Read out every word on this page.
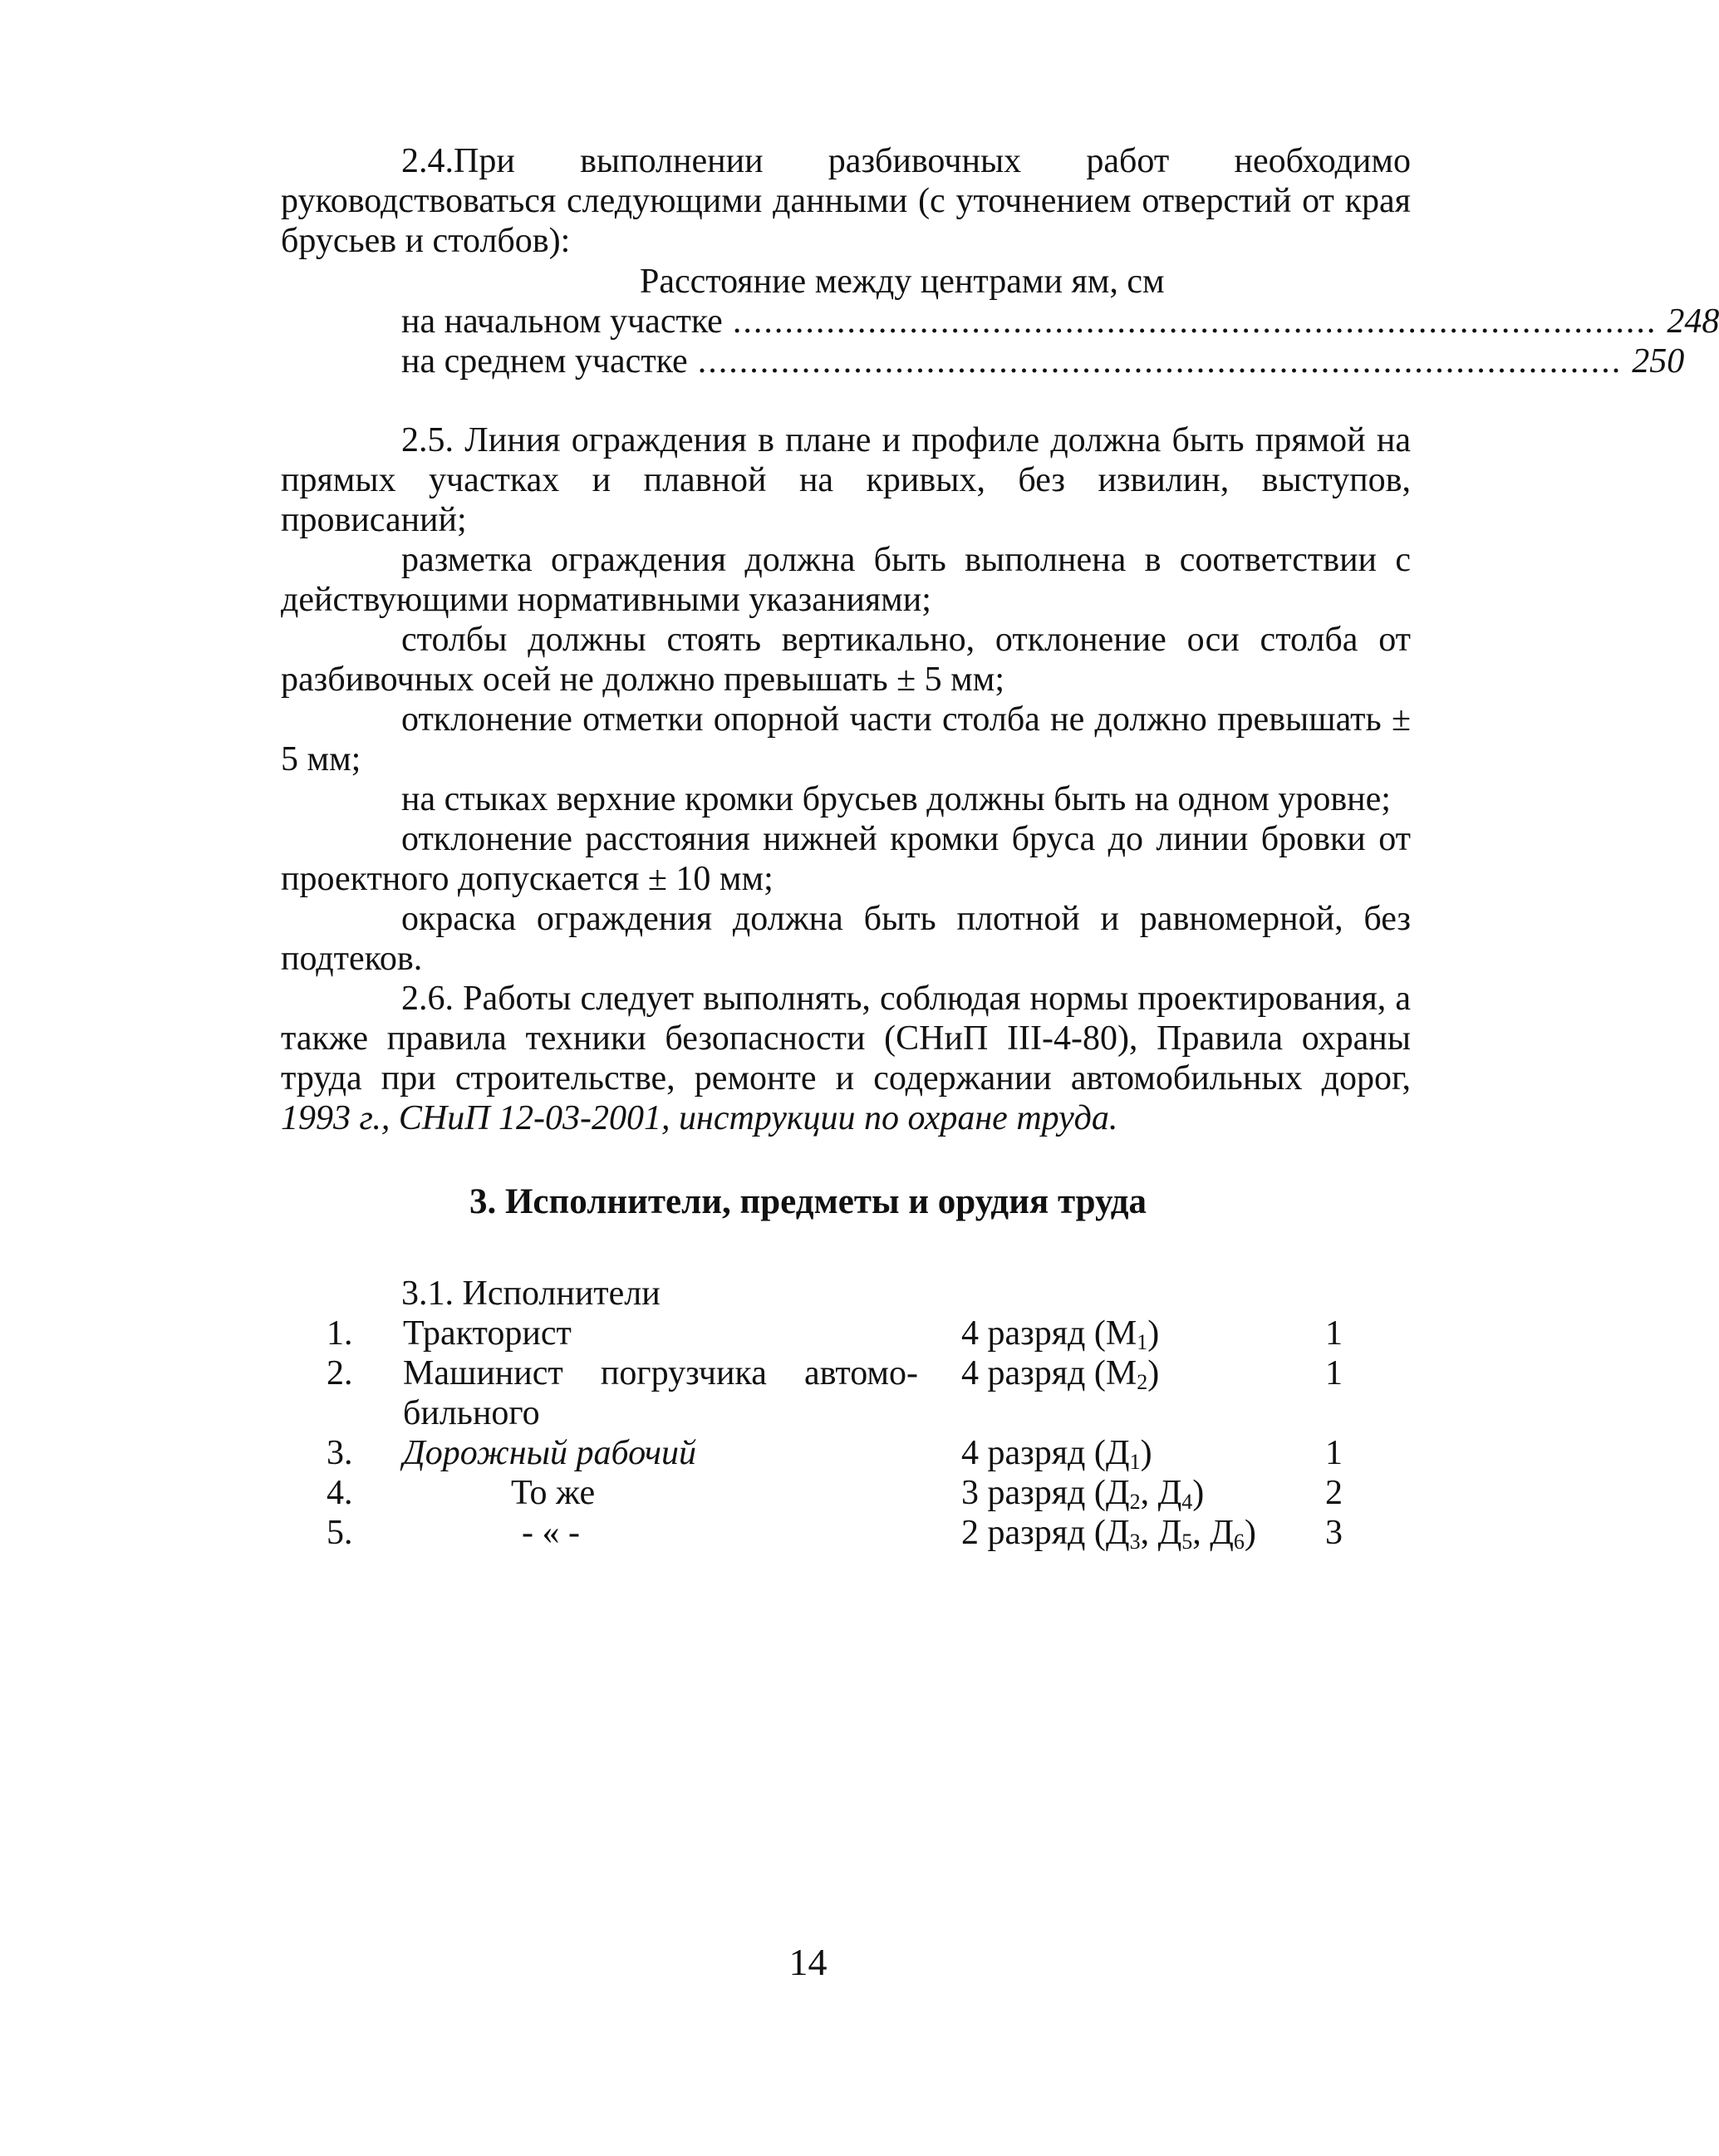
2.4.При выполнении разбивочных работ необходимо руководствоваться следующими данными (с уточнением отверстий от края брусьев и столбов):

Расстояние между центрами ям, см
на начальном участке ......................................................................................... 248
на среднем участке ......................................................................................... 250

2.5. Линия ограждения в плане и профиле должна быть прямой на прямых участках и плавной на кривых, без извилин, выступов, провисаний;

разметка ограждения должна быть выполнена в соответствии с действующими нормативными указаниями;

столбы должны стоять вертикально, отклонение оси столба от разбивочных осей не должно превышать ± 5 мм;

отклонение отметки опорной части столба не должно превышать ± 5 мм;

на стыках верхние кромки брусьев должны быть на одном уровне;

отклонение расстояния нижней кромки бруса до линии бровки от проектного допускается ± 10 мм;

окраска ограждения должна быть плотной и равномерной, без подтеков.

2.6. Работы следует выполнять, соблюдая нормы проектирования, а также правила техники безопасности (СНиП III-4-80), Правила охраны труда при строительстве, ремонте и содержании автомобильных дорог, 1993 г., СНиП 12-03-2001, инструкции по охране труда.

3. Исполнители, предметы и орудия труда
3.1. Исполнители
1. Тракторист	4 разряд $(М_1)$	1
2. Машинист погрузчика автомо- 4 разряд $(М_2)$	1
бильного
3. Дорожный рабочий	4 разряд $(Д_1)$	1
4.	То же	3 разряд ($Д_2$, $Д_4$)	2
5.	- « -	2 разряд ($Д_3$, $Д_5$, $Д_6$) 3
14
